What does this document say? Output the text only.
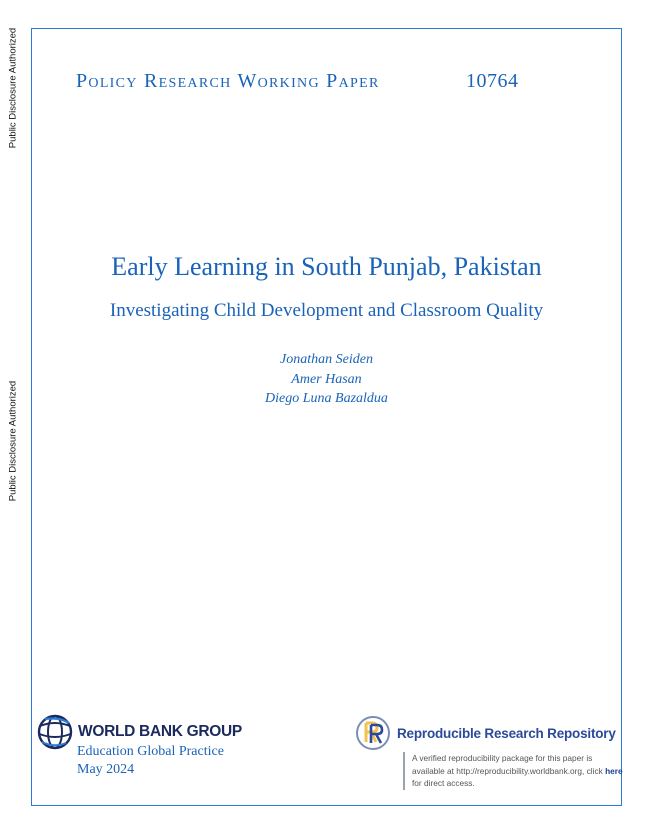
Public Disclosure Authorized
Public Disclosure Authorized
Policy Research Working Paper	10764
Early Learning in South Punjab, Pakistan
Investigating Child Development and Classroom Quality
Jonathan Seiden
Amer Hasan
Diego Luna Bazaldua
WORLD BANK GROUP
Education Global Practice
May 2024
Reproducible Research Repository
A verified reproducibility package for this paper is available at http://reproducibility.worldbank.org, click here for direct access.
